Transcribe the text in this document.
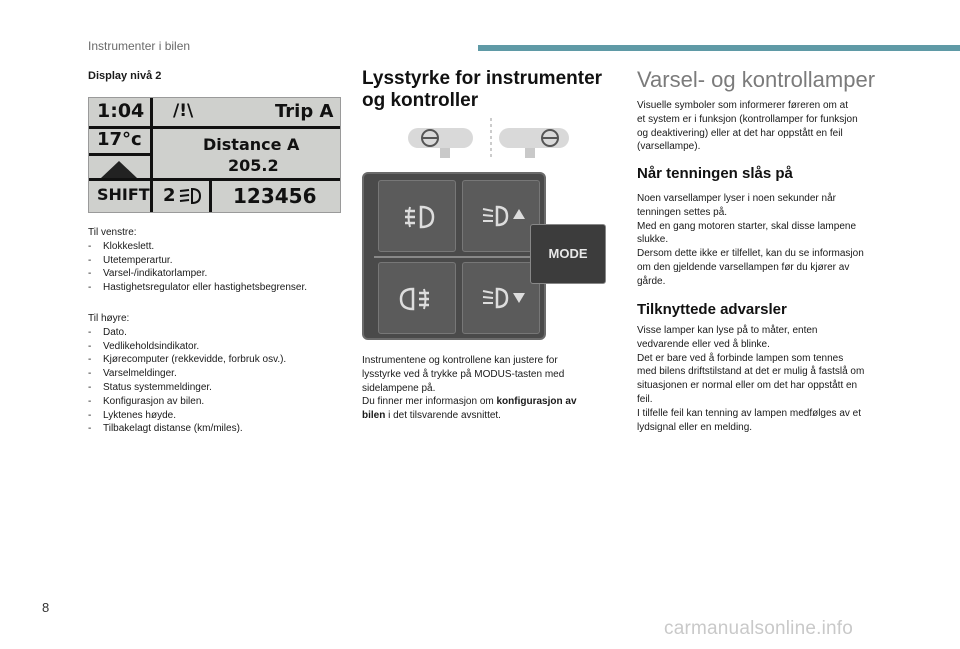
Instrumenter i bilen
Display nivå 2
1:04 /!\	Trip A
17°c	Distance A
205.2
SHIFT 2	123456
Til venstre:
- Klokkeslett.
- Utetemperartur.
- Varsel-/indikatorlamper.
- Hastighetsregulator eller hastighetsbegrenser.
Til høyre:
- Dato.
- Vedlikeholdsindikator.
- Kjørecomputer (rekkevidde, forbruk osv.).
- Varselmeldinger.
- Status systemmeldinger.
- Konfigurasjon av bilen.
- Lyktenes høyde.
- Tilbakelagt distanse (km/miles).
Lysstyrke for instrumenter
og kontroller
MODE
Instrumentene og kontrollene kan justere for
lysstyrke ved å trykke på MODUS-tasten med
sidelampene på.
Du finner mer informasjon om konfigurasjon av
bilen i det tilsvarende avsnittet.
Varsel- og kontrollamper
Visuelle symboler som informerer føreren om at
et system er i funksjon (kontrollamper for funksjon
og deaktivering) eller at det har oppstått en feil
(varsellampe).
Når tenningen slås på
Noen varsellamper lyser i noen sekunder når
tenningen settes på.
Med en gang motoren starter, skal disse lampene
slukke.
Dersom dette ikke er tilfellet, kan du se informasjon
om den gjeldende varsellampen før du kjører av
gårde.
Tilknyttede advarsler
Visse lamper kan lyse på to måter, enten
vedvarende eller ved å blinke.
Det er bare ved å forbinde lampen som tennes
med bilens driftstilstand at det er mulig å fastslå om
situasjonen er normal eller om det har oppstått en
feil.
I tilfelle feil kan tenning av lampen medfølges av et
lydsignal eller en melding.
8
carmanualsonline.info
